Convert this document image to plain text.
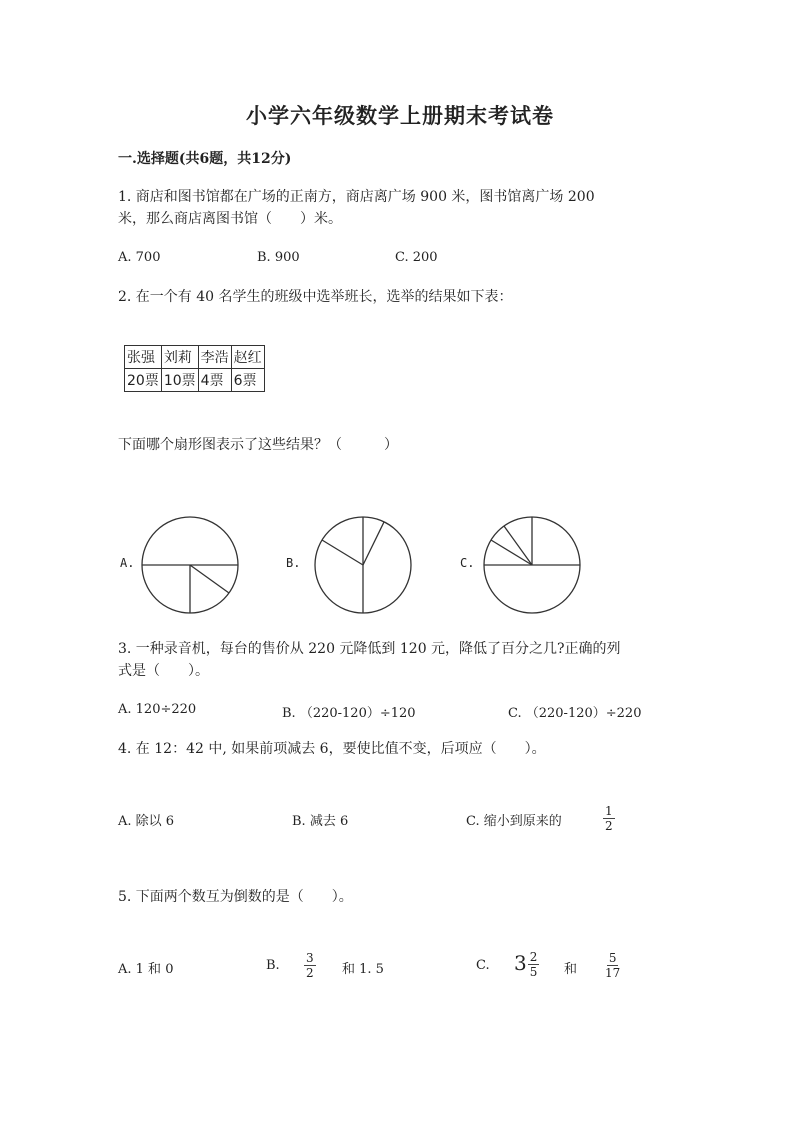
小学六年级数学上册期末考试卷
一.选择题(共6题，共12分)
1. 商店和图书馆都在广场的正南方，商店离广场 900 米，图书馆离广场 200
米，那么商店离图书馆（　　）米。
A. 700	B. 900	C. 200
2. 在一个有 40 名学生的班级中选举班长，选举的结果如下表：
张强	刘莉	李浩	赵红
20票	10票	4票	6票
下面哪个扇形图表示了这些结果？（　　　）
A.	B.	C.
3. 一种录音机，每台的售价从 220 元降低到 120 元，降低了百分之几?正确的列
式是（　　）。
A. 120÷220	B. （220-120）÷120	C. （220-120）÷220
4. 在 12：42 中, 如果前项减去 6，要使比值不变，后项应（　　）。
A. 除以 6	B. 减去 6	C. 缩小到原来的	$\frac{1}{2}$
5. 下面两个数互为倒数的是（　　）。
A. 1 和 0	B. $\frac{3}{2}$ 和 1. 5	C. $3 \frac{2}{5}$ 和 $\frac{5}{17}$
